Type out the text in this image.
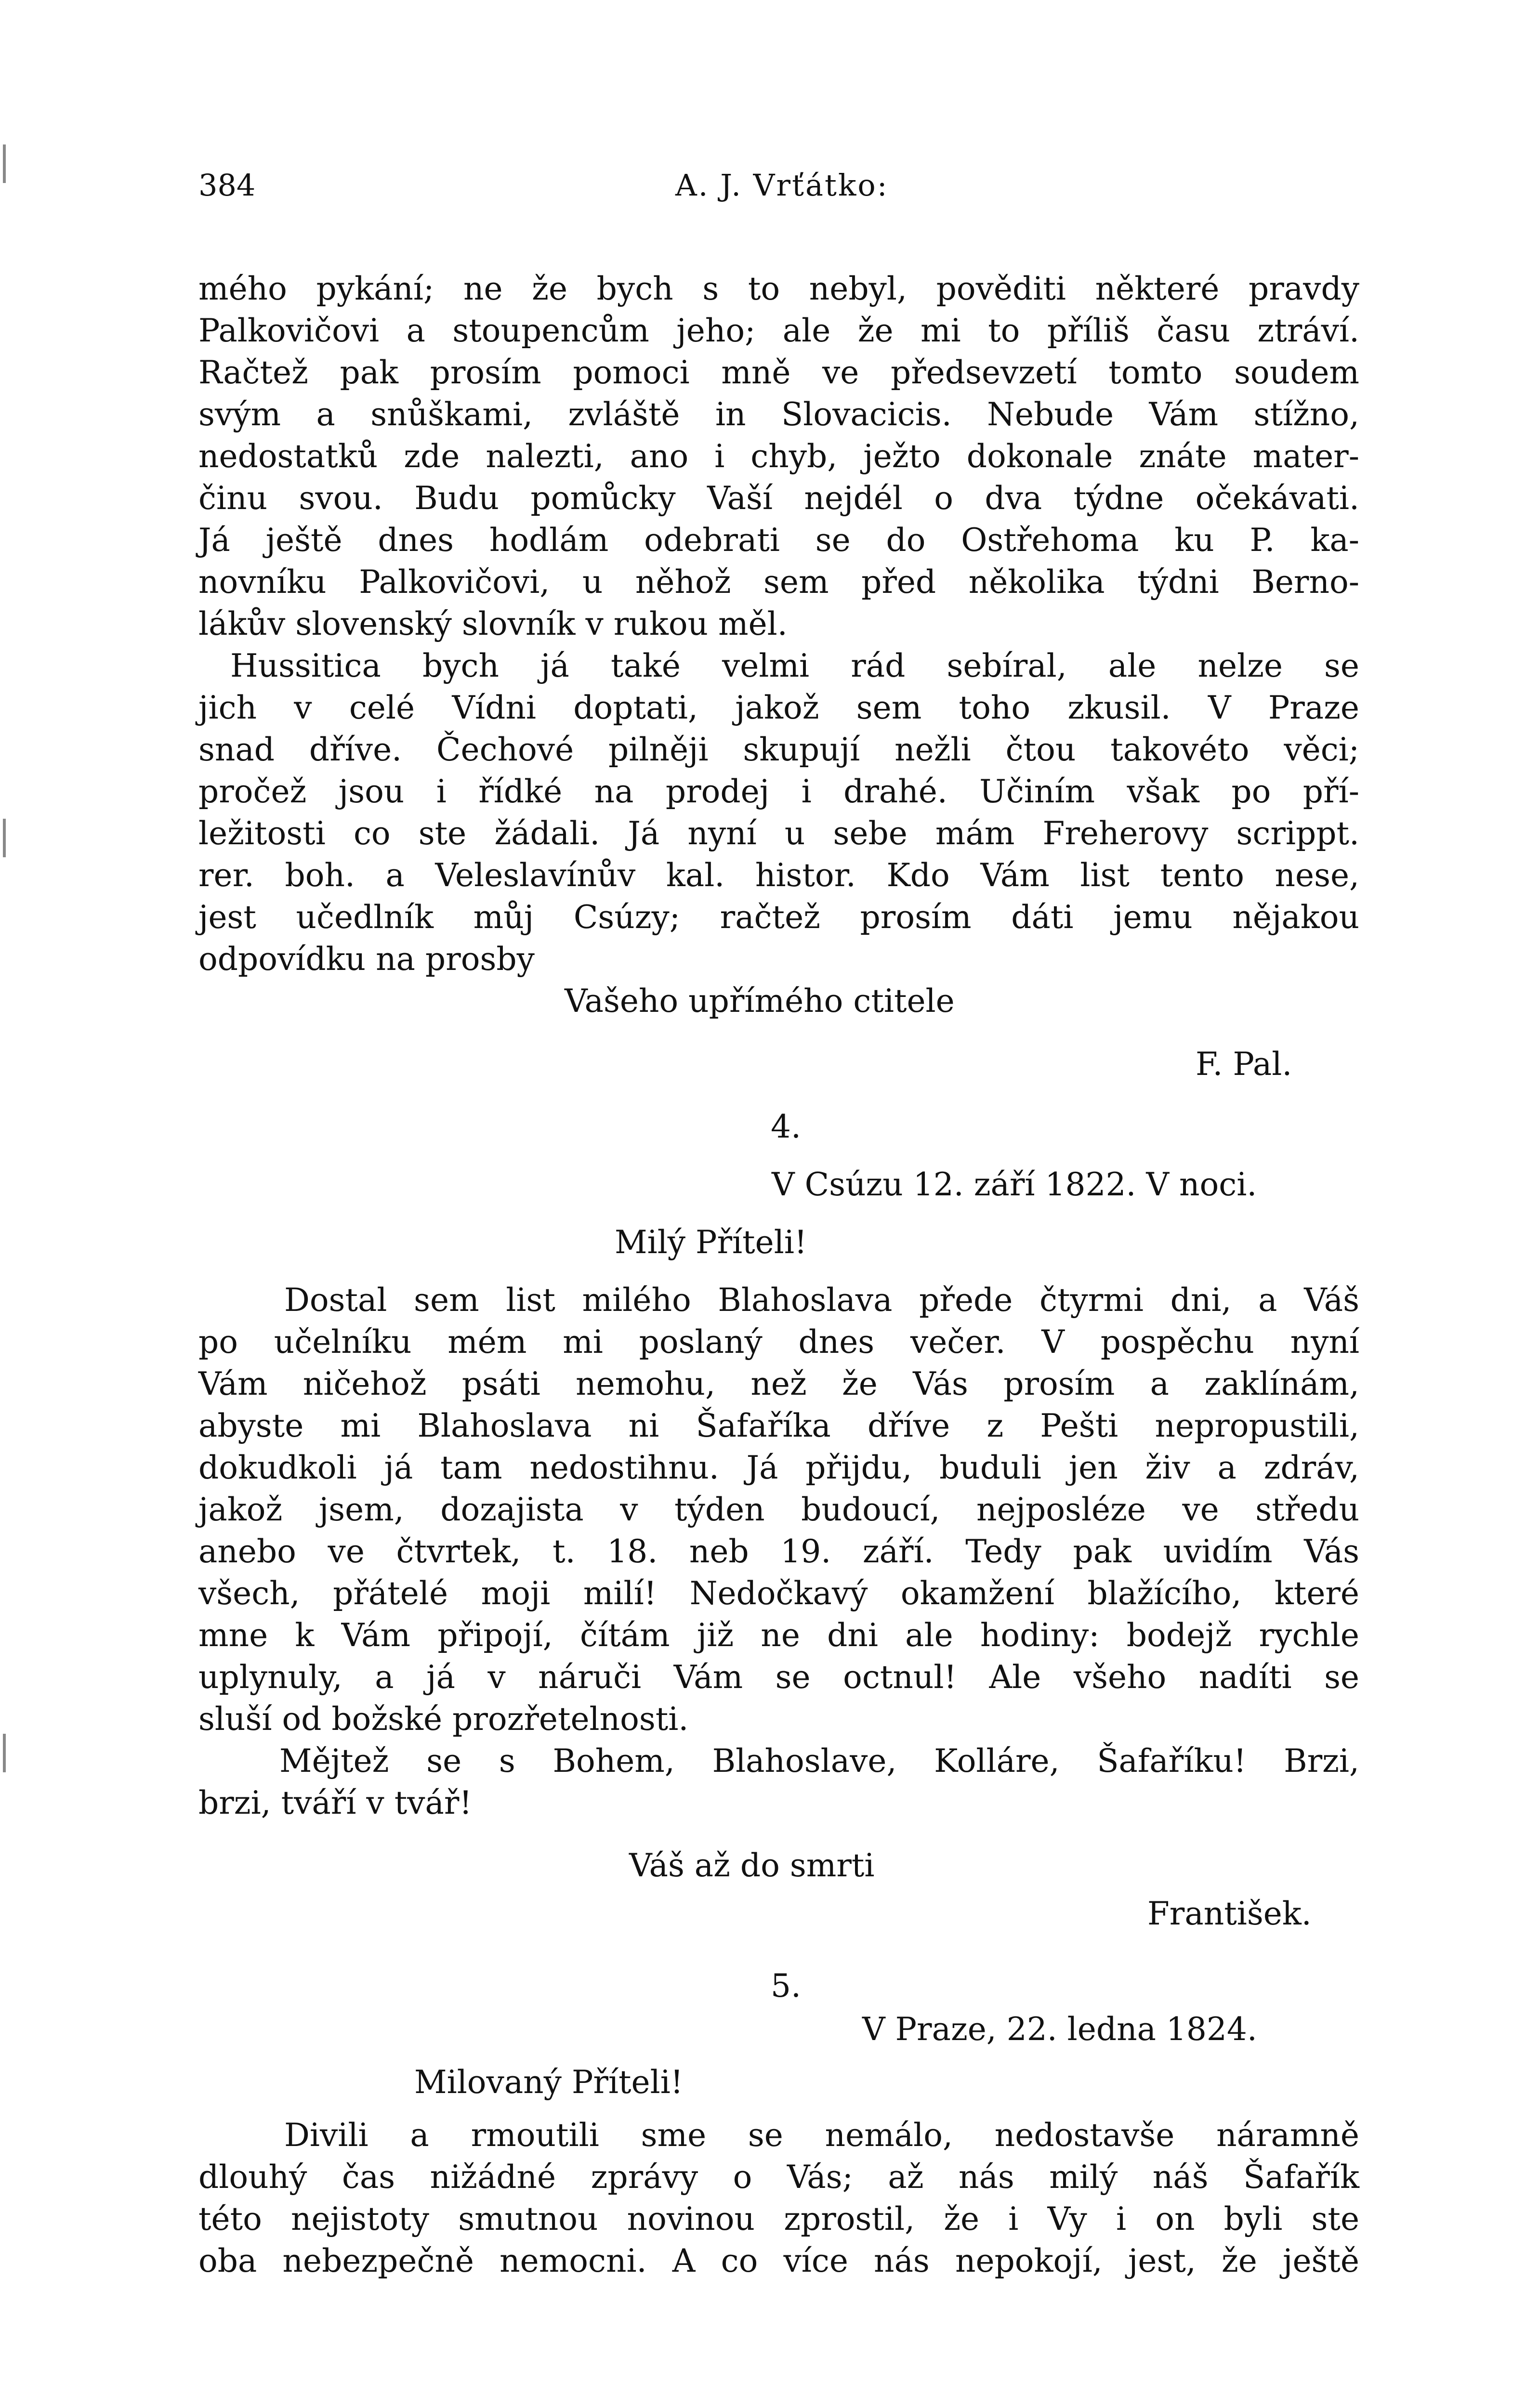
384	A. J. Vrťátko:
mého pykání; ne že bych s to nebyl, pověditi některé pravdy
Palkovičovi a stoupencům jeho; ale že mi to příliš času ztráví.
Račtež pak prosím pomoci mně ve předsevzetí tomto soudem
svým a snůškami, zvláště in Slovacicis. Nebude Vám stížno,
nedostatků zde nalezti, ano i chyb, ježto dokonale znáte mater-
činu svou. Budu pomůcky Vaší nejdél o dva týdne očekávati.
Já ještě dnes hodlám odebrati se do Ostřehoma ku P. ka-
novníku Palkovičovi, u něhož sem před několika týdni Berno-
lákův slovenský slovník v rukou měl.
Hussitica bych já také velmi rád sebíral, ale nelze se
jich v celé Vídni doptati, jakož sem toho zkusil. V Praze
snad dříve. Čechové pilněji skupují nežli čtou takovéto věci;
pročež jsou i řídké na prodej i drahé. Učiním však po pří-
ležitosti co ste žádali. Já nyní u sebe mám Freherovy scrippt.
rer. boh. a Veleslavínův kal. histor. Kdo Vám list tento nese,
jest učedlník můj Csúzy; račtež prosím dáti jemu nějakou
odpovídku na prosby
Vašeho upřímého ctitele
F. Pal.
4.
V Csúzu 12. září 1822. V noci.
Milý Příteli!
Dostal sem list milého Blahoslava přede čtyrmi dni, a Váš
po učelníku mém mi poslaný dnes večer. V pospěchu nyní
Vám ničehož psáti nemohu, než že Vás prosím a zaklínám,
abyste mi Blahoslava ni Šafaříka dříve z Pešti nepropustili,
dokudkoli já tam nedostihnu. Já přijdu, buduli jen živ a zdráv,
jakož jsem, dozajista v týden budoucí, nejposléze ve středu
anebo ve čtvrtek, t. 18. neb 19. září. Tedy pak uvidím Vás
všech, přátelé moji milí! Nedočkavý okamžení blažícího, které
mne k Vám připojí, čítám již ne dni ale hodiny: bodejž rychle
uplynuly, a já v náruči Vám se octnul! Ale všeho nadíti se
sluší od božské prozřetelnosti.
Mějtež se s Bohem, Blahoslave, Kolláre, Šafaříku! Brzi,
brzi, tváří v tvář!
Váš až do smrti
František.
5.
V Praze, 22. ledna 1824.
Milovaný Příteli!
Divili a rmoutili sme se nemálo, nedostavše náramně
dlouhý čas nižádné zprávy o Vás; až nás milý náš Šafařík
této nejistoty smutnou novinou zprostil, že i Vy i on byli ste
oba nebezpečně nemocni. A co více nás nepokojí, jest, že ještě
